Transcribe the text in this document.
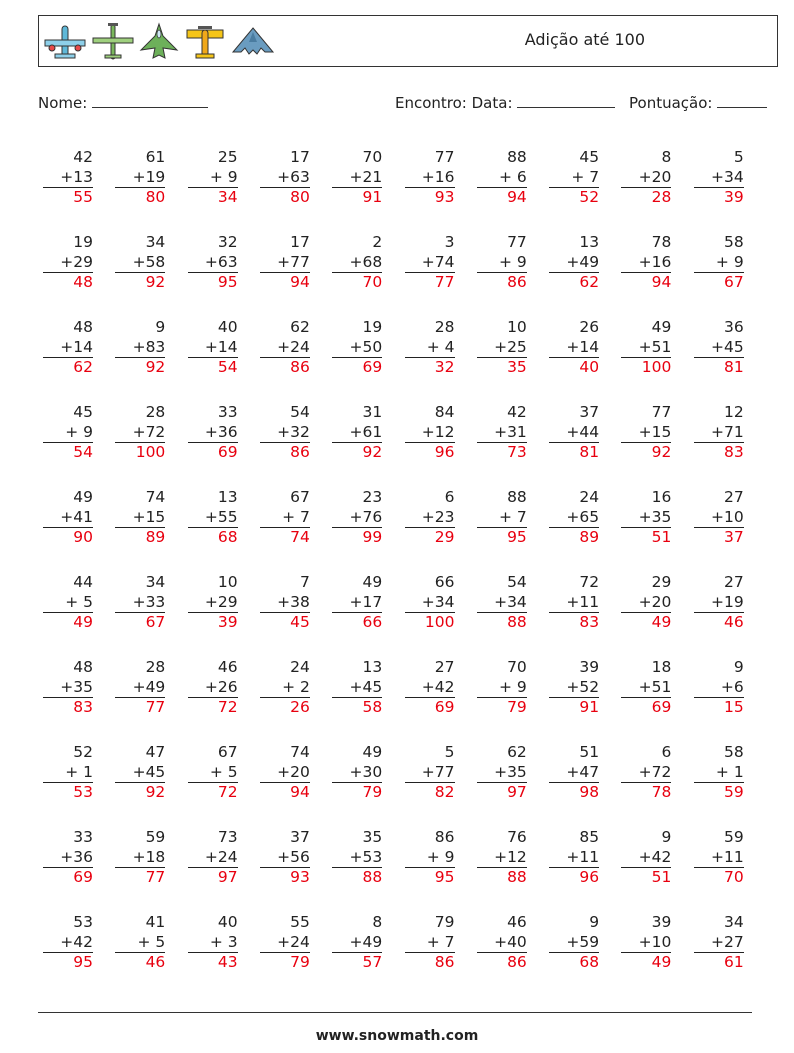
Adição até 100
Nome:	Encontro: Data:	Pontuação:
42
+13
55
61
+19
80
25
+ 9
34
17
+63
80
70
+21
91
77
+16
93
88
+ 6
94
45
+ 7
52
8
+20
28
5
+34
39
19
+29
48
34
+58
92
32
+63
95
17
+77
94
2
+68
70
3
+74
77
77
+ 9
86
13
+49
62
78
+16
94
58
+ 9
67
48
+14
62
9
+83
92
40
+14
54
62
+24
86
19
+50
69
28
+ 4
32
10
+25
35
26
+14
40
49
+51
100
36
+45
81
45
+ 9
54
28
+72
100
33
+36
69
54
+32
86
31
+61
92
84
+12
96
42
+31
73
37
+44
81
77
+15
92
12
+71
83
49
+41
90
74
+15
89
13
+55
68
67
+ 7
74
23
+76
99
6
+23
29
88
+ 7
95
24
+65
89
16
+35
51
27
+10
37
44
+ 5
49
34
+33
67
10
+29
39
7
+38
45
49
+17
66
66
+34
100
54
+34
88
72
+11
83
29
+20
49
27
+19
46
48
+35
83
28
+49
77
46
+26
72
24
+ 2
26
13
+45
58
27
+42
69
70
+ 9
79
39
+52
91
18
+51
69
9
+6
15
52
+ 1
53
47
+45
92
67
+ 5
72
74
+20
94
49
+30
79
5
+77
82
62
+35
97
51
+47
98
6
+72
78
58
+ 1
59
33
+36
69
59
+18
77
73
+24
97
37
+56
93
35
+53
88
86
+ 9
95
76
+12
88
85
+11
96
9
+42
51
59
+11
70
53
+42
95
41
+ 5
46
40
+ 3
43
55
+24
79
8
+49
57
79
+ 7
86
46
+40
86
9
+59
68
39
+10
49
34
+27
61
www.snowmath.com
